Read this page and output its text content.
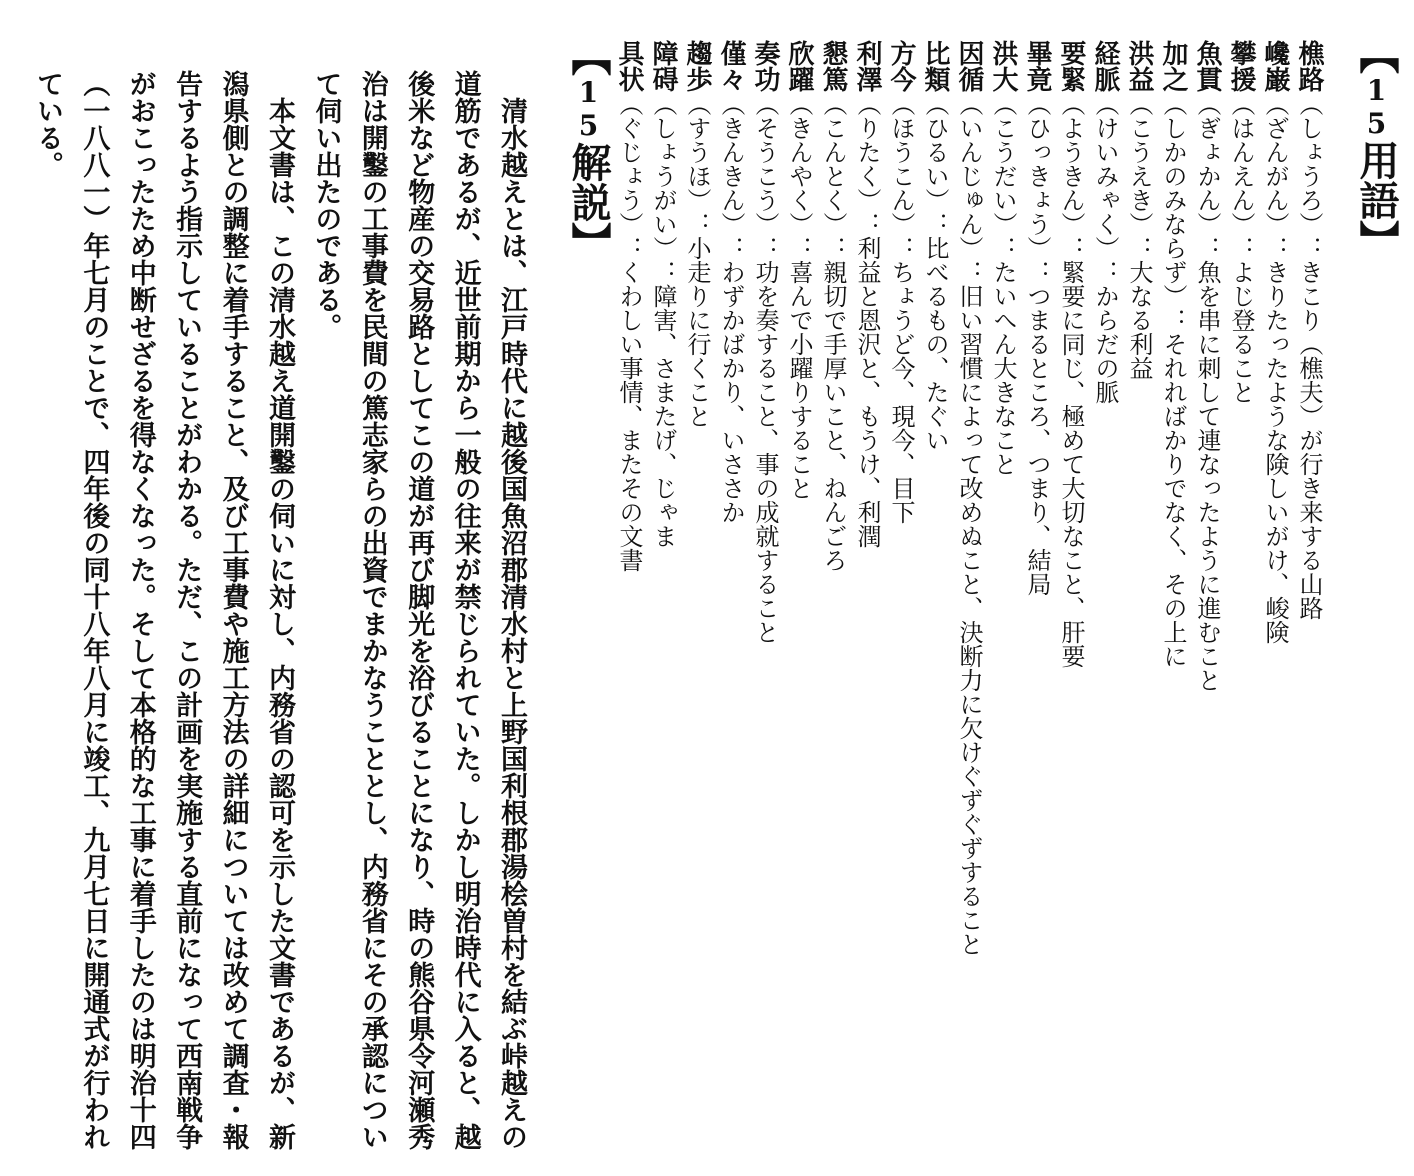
【15用語】
樵路（しょうろ）：きこり（樵夫）が行き来する山路
巉巌（ざんがん）：きりたったような険しいがけ、峻険
攀援（はんえん）：よじ登ること
魚貫（ぎょかん）：魚を串に刺して連なったように進むこと
加之（しかのみならず）：それればかりでなく、その上に
洪益（こうえき）：大なる利益
経脈（けいみゃく）：からだの脈
要緊（ようきん）：緊要に同じ、極めて大切なこと、肝要
畢竟（ひっきょう）：つまるところ、つまり、結局
洪大（こうだい）：たいへん大きなこと
因循（いんじゅん）：旧い習慣によって改めぬこと、決断力に欠けぐずぐずすること
比類（ひるい）：比べるもの、たぐい
方今（ほうこん）：ちょうど今、現今、目下
利澤（りたく）：利益と恩沢と、もうけ、利潤
懇篤（こんとく）：親切で手厚いこと、ねんごろ
欣躍（きんやく）：喜んで小躍りすること
奏功（そうこう）：功を奏すること、事の成就すること
僅々（きんきん）：わずかばかり、いささか
趨歩（すうほ）：小走りに行くこと
障碍（しょうがい）：障害、さまたげ、じゃま
具状（ぐじょう）：くわしい事情、またその文書
【15解説】

清水越えとは、江戸時代に越後国魚沼郡清水村と上野国利根郡湯桧曽村を結ぶ峠越えの道筋であるが、近世前期から一般の往来が禁じられていた。しかし明治時代に入ると、越後米など物産の交易路としてこの道が再び脚光を浴びることになり、時の熊谷県令河瀬秀治は開鑿の工事費を民間の篤志家らの出資でまかなうこととし、内務省にその承認について伺い出たのである。

本文書は、この清水越え道開鑿の伺いに対し、内務省の認可を示した文書であるが、新潟県側との調整に着手すること、及び工事費や施工方法の詳細については改めて調査・報告するよう指示していることがわかる。ただ、この計画を実施する直前になって西南戦争がおこったため中断せざるを得なくなった。そして本格的な工事に着手したのは明治十四（一八八一）年七月のことで、四年後の同十八年八月に竣工、九月七日に開通式が行われている。
